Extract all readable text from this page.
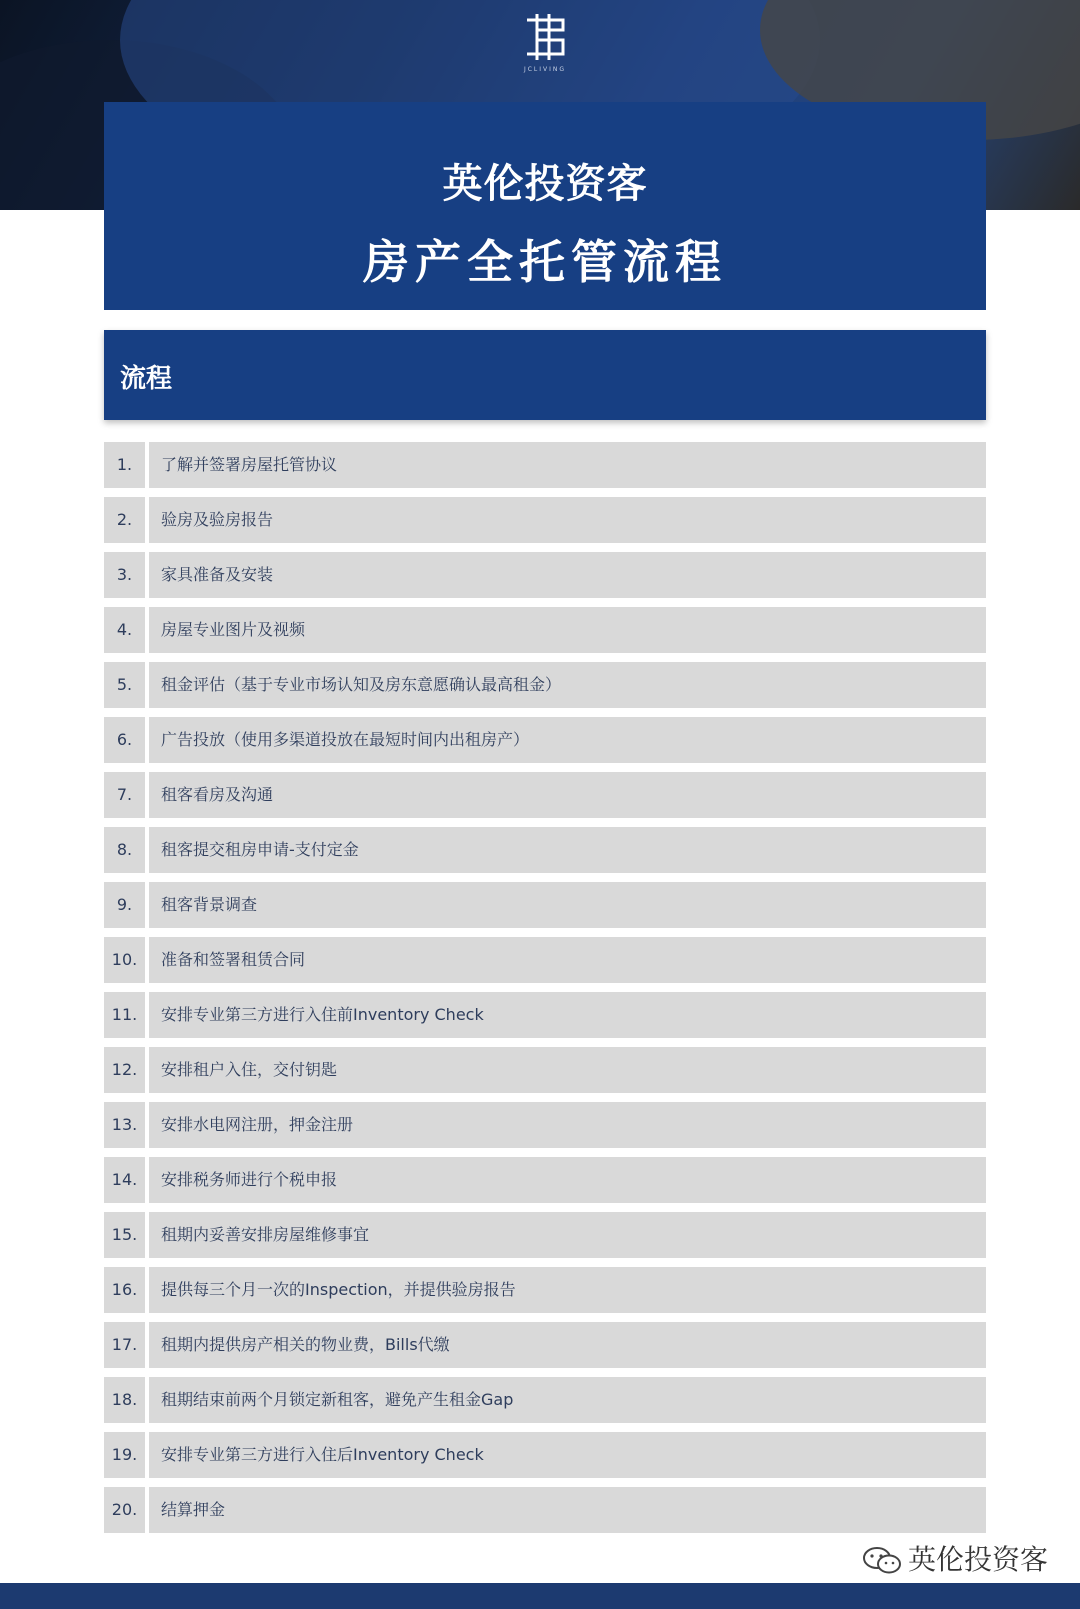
JCLIVING
英伦投资客
房产全托管流程
流程
1.	了解并签署房屋托管协议
2.	验房及验房报告
3.	家具准备及安装
4.	房屋专业图片及视频
5.	租金评估（基于专业市场认知及房东意愿确认最高租金）
6.	广告投放（使用多渠道投放在最短时间内出租房产）
7.	租客看房及沟通
8.	租客提交租房申请-支付定金
9.	租客背景调查
10.	准备和签署租赁合同
11.	安排专业第三方进行入住前Inventory Check
12.	安排租户入住，交付钥匙
13.	安排水电网注册，押金注册
14.	安排税务师进行个税申报
15.	租期内妥善安排房屋维修事宜
16.	提供每三个月一次的Inspection，并提供验房报告
17.	租期内提供房产相关的物业费，Bills代缴
18.	租期结束前两个月锁定新租客，避免产生租金Gap
19.	安排专业第三方进行入住后Inventory Check
20.	结算押金
英伦投资客
